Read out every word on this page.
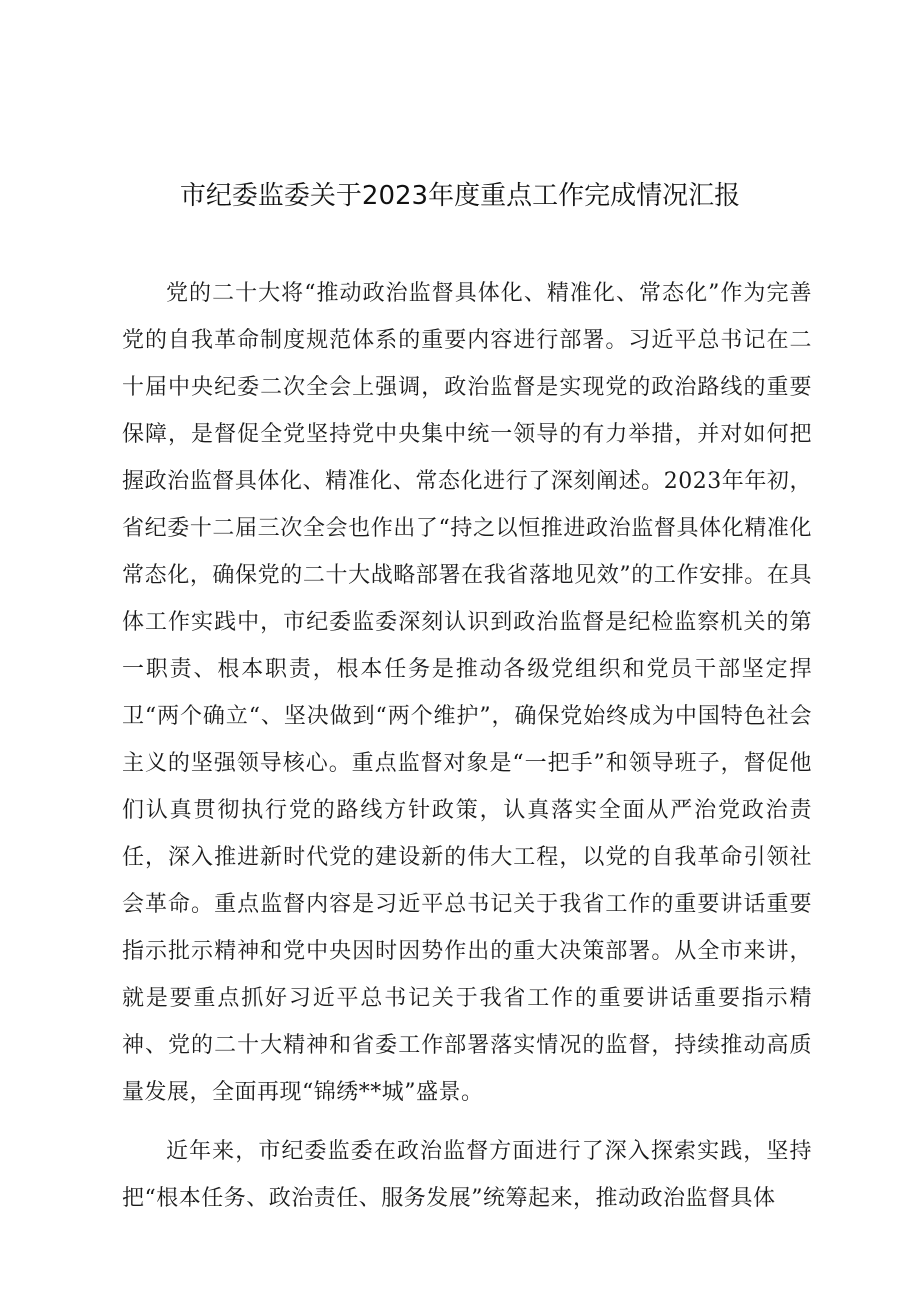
市纪委监委关于2023年度重点工作完成情况汇报

党的二十大将“推动政治监督具体化、精准化、常态化”作为完善党的自我革命制度规范体系的重要内容进行部署。习近平总书记在二十届中央纪委二次全会上强调，政治监督是实现党的政治路线的重要保障，是督促全党坚持党中央集中统一领导的有力举措，并对如何把握政治监督具体化、精准化、常态化进行了深刻阐述。2023年年初，省纪委十二届三次全会也作出了“持之以恒推进政治监督具体化精准化常态化，确保党的二十大战略部署在我省落地见效”的工作安排。在具体工作实践中，市纪委监委深刻认识到政治监督是纪检监察机关的第一职责、根本职责，根本任务是推动各级党组织和党员干部坚定捍卫“两个确立“、坚决做到“两个维护”，确保党始终成为中国特色社会主义的坚强领导核心。重点监督对象是“一把手”和领导班子，督促他们认真贯彻执行党的路线方针政策，认真落实全面从严治党政治责任，深入推进新时代党的建设新的伟大工程，以党的自我革命引领社会革命。重点监督内容是习近平总书记关于我省工作的重要讲话重要指示批示精神和党中央因时因势作出的重大决策部署。从全市来讲，就是要重点抓好习近平总书记关于我省工作的重要讲话重要指示精神、党的二十大精神和省委工作部署落实情况的监督，持续推动高质量发展，全面再现“锦绣**城”盛景。

近年来，市纪委监委在政治监督方面进行了深入探索实践，坚持把“根本任务、政治责任、服务发展”统筹起来，推动政治监督具体
